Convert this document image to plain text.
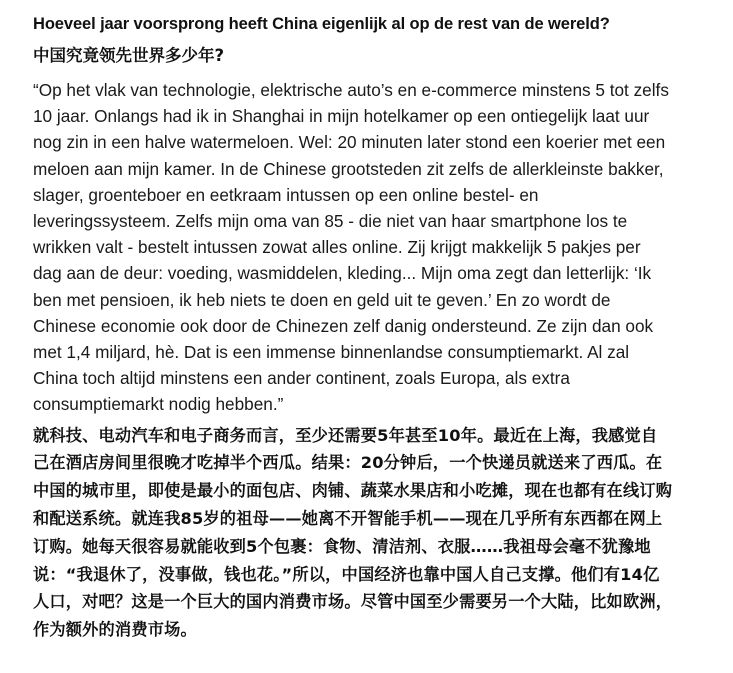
Hoeveel jaar voorsprong heeft China eigenlijk al op de rest van de wereld?
中国究竟领先世界多少年?

“Op het vlak van technologie, elektrische auto’s en e-commerce minstens 5 tot zelfs 10 jaar. Onlangs had ik in Shanghai in mijn hotelkamer op een ontiegelijk laat uur nog zin in een halve watermeloen. Wel: 20 minuten later stond een koerier met een meloen aan mijn kamer. In de Chinese grootsteden zit zelfs de allerkleinste bakker, slager, groenteboer en eetkraam intussen op een online bestel- en leveringssysteem. Zelfs mijn oma van 85 - die niet van haar smartphone los te wrikken valt - bestelt intussen zowat alles online. Zij krijgt makkelijk 5 pakjes per dag aan de deur: voeding, wasmiddelen, kleding... Mijn oma zegt dan letterlijk: ‘Ik ben met pensioen, ik heb niets te doen en geld uit te geven.’ En zo wordt de Chinese economie ook door de Chinezen zelf danig ondersteund. Ze zijn dan ook met 1,4 miljard, hè. Dat is een immense binnenlandse consumptiemarkt. Al zal China toch altijd minstens een ander continent, zoals Europa, als extra consumptiemarkt nodig hebben.”

就科技、电动汽车和电子商务而言，至少还需要5年甚至10年。最近在上海，我感觉自己在酒店房间里很晚才吃掉半个西瓜。结果：20分钟后，一个快递员就送来了西瓜。在中国的城市里，即使是最小的面包店、肉铺、蔬菜水果店和小吃摊，现在也都有在线订购和配送系统。就连我85岁的祖母——她离不开智能手机——现在几乎所有东西都在网上订购。她每天很容易就能收到5个包裹：食物、清洁剂、衣服……我祖母会毫不犹豫地说：“我退休了，没事做，钱也花。”所以，中国经济也靠中国人自己支撑。他们有14亿人口，对吧？这是一个巨大的国内消费市场。尽管中国至少需要另一个大陆，比如欧洲，作为额外的消费市场。
